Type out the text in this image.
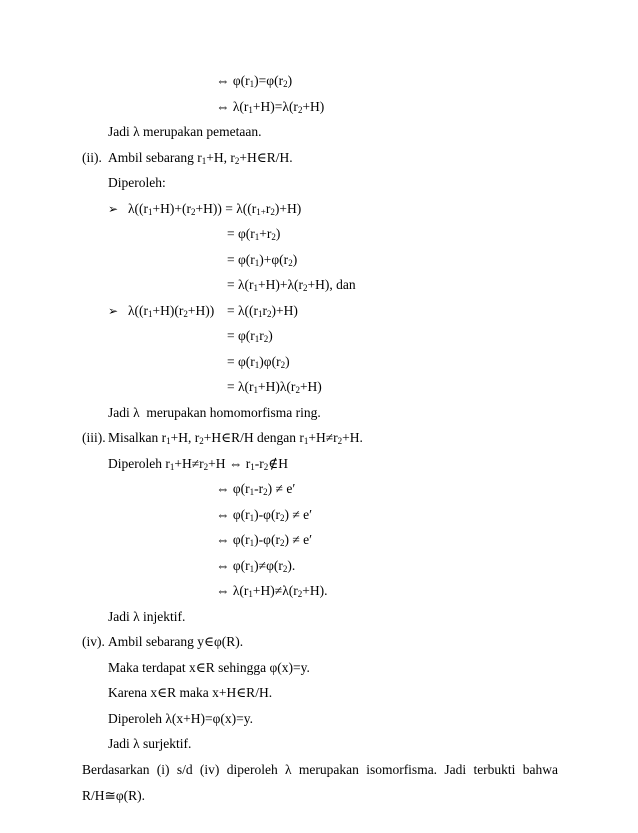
⇔ $\varphi(r_1)=\varphi(r_2)$
⇔ $\lambda(r_1+H)=\lambda(r_2+H)$
Jadi λ merupakan pemetaan.
(ii). Ambil sebarang $r_1+H$, $r_2+H\in R/H$.
Diperoleh:
➢ $\lambda((r_1+H)+(r_2+H)) = \lambda((r_{1+}r_2)+H)$
= $\varphi(r_1+r_2)$
= $\varphi(r_1)+\varphi(r_2)$
= $\lambda(r_1+H)+\lambda(r_2+H)$, dan
➢ $\lambda((r_1+H)(r_2+H)) = \lambda((r_1r_2)+H)$
= $\varphi(r_1r_2)$
= $\varphi(r_1)\varphi(r_2)$
= $\lambda(r_1+H)\lambda(r_2+H)$
Jadi λ  merupakan homomorfisma ring.
(iii). Misalkan $r_1+H$, $r_2+H\in R/H$ dengan $r_1+H\ne r_2+H$.
Diperoleh $r_1+H\ne r_2+H$ ⇔ $r_1-r_2\notin H$
⇔ $\varphi(r_1-r_2) \ne e'$
⇔ $\varphi(r_1)-\varphi(r_2) \ne e'$
⇔ $\varphi(r_1)-\varphi(r_2) \ne e'$
⇔ $\varphi(r_1)\ne\varphi(r_2)$.
⇔ $\lambda(r_1+H)\ne\lambda(r_2+H)$.
Jadi λ injektif.
(iv). Ambil sebarang y∈φ(R).
Maka terdapat x∈R sehingga φ(x)=y.
Karena x∈R maka x+H∈R/H.
Diperoleh λ(x+H)=φ(x)=y.
Jadi λ surjektif.
Berdasarkan (i) s/d (iv) diperoleh λ merupakan isomorfisma. Jadi terbukti bahwa
R/H≅φ(R).
